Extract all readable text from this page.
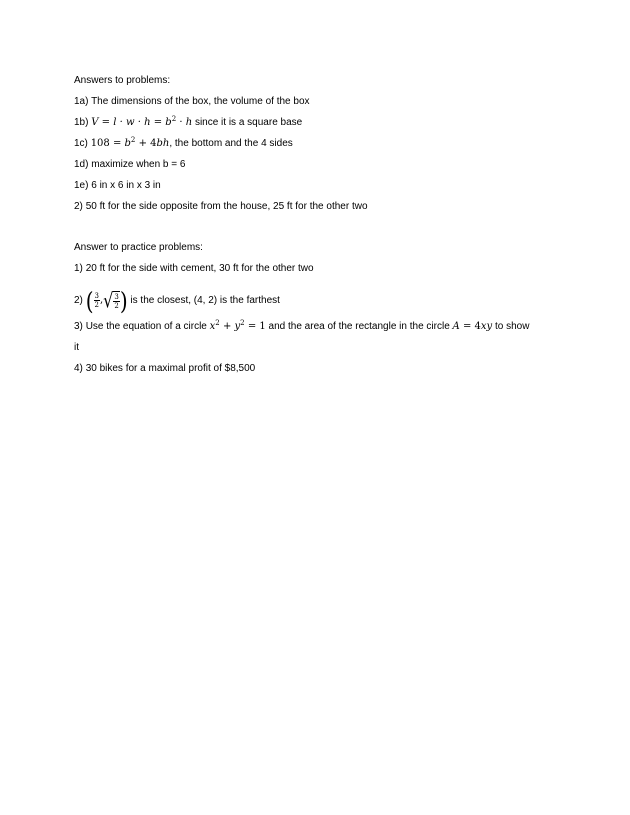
Answers to problems:
1a) The dimensions of the box, the volume of the box
1b) $V = l \cdot w \cdot h = b^2 \cdot h$ since it is a square base
1c) $108 = b^2 + 4bh$, the bottom and the 4 sides
1d) maximize when b = 6
1e) 6 in x 6 in x 3 in
2) 50 ft for the side opposite from the house, 25 ft for the other two
Answer to practice problems:
1) 20 ft for the side with cement, 30 ft for the other two
2) ( $\frac{3}{2}$ , √ $\frac{3}{2}$ ) is the closest, (4, 2) is the farthest
3) Use the equation of a circle $x^2 + y^2 = 1$ and the area of the rectangle in the circle A = 4xy to show
it
4) 30 bikes for a maximal profit of $8,500
